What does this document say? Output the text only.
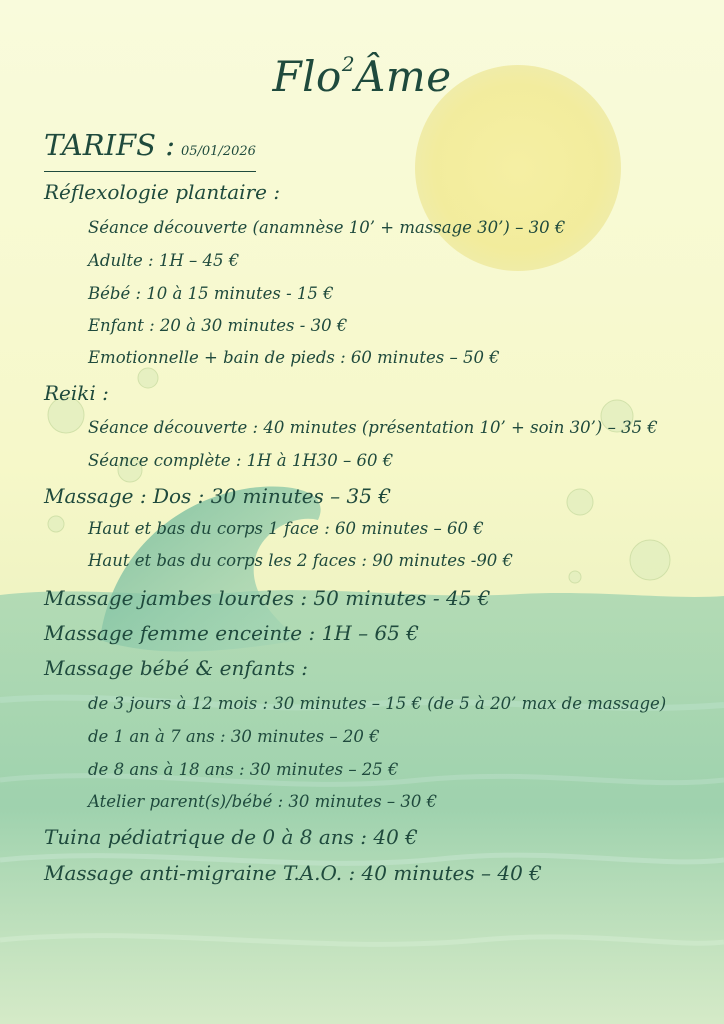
Flo$^2$Âme
TARIFS : 05/01/2026
Réflexologie plantaire :
Séance découverte (anamnèse 10’ + massage 30’) – 30 €
Adulte : 1H – 45 €
Bébé : 10 à 15 minutes - 15 €
Enfant : 20 à 30 minutes - 30 €
Emotionnelle + bain de pieds : 60 minutes – 50 €
Reiki :
Séance découverte : 40 minutes (présentation 10’ + soin 30’) – 35 €
Séance complète : 1H à 1H30 – 60 €
Massage : Dos : 30 minutes – 35 €
Haut et bas du corps 1 face : 60 minutes – 60 €
Haut et bas du corps les 2 faces : 90 minutes -90 €
Massage jambes lourdes : 50 minutes - 45 €
Massage femme enceinte : 1H – 65 €
Massage bébé & enfants :
de 3 jours à 12 mois : 30 minutes – 15 € (de 5 à 20’ max de massage)
de 1 an à 7 ans : 30 minutes – 20 €
de 8 ans à 18 ans : 30 minutes – 25 €
Atelier parent(s)/bébé : 30 minutes – 30 €
Tuina pédiatrique de 0 à 8 ans : 40 €
Massage anti-migraine T.A.O. : 40 minutes – 40 €
